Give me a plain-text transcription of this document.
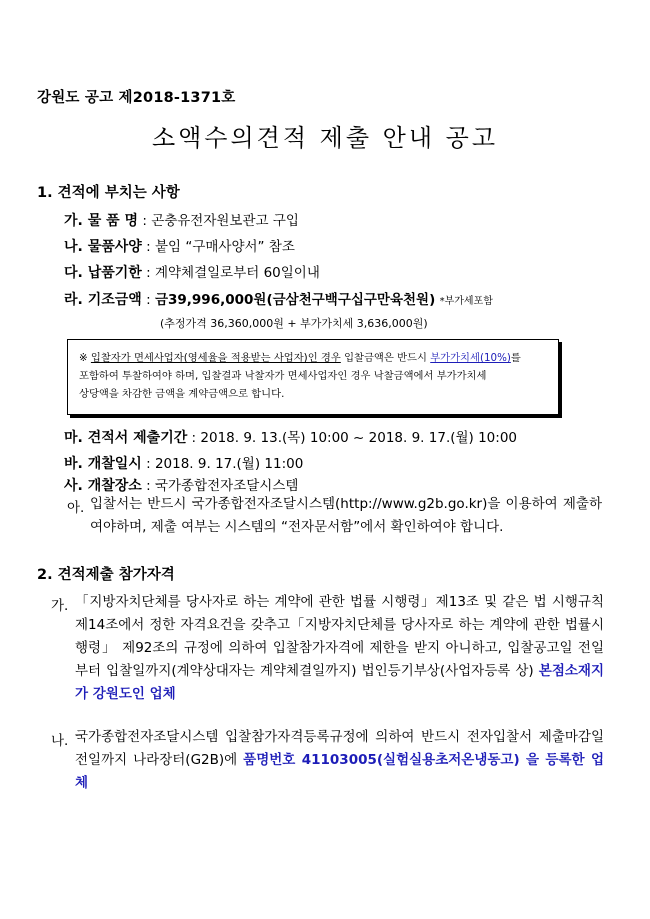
강원도 공고 제2018-1371호
소액수의견적 제출 안내 공고
1. 견적에 부치는 사항
가. 물 품 명 : 곤충유전자원보관고 구입
나. 물품사양 : 붙임 “구매사양서” 참조
다. 납품기한 : 계약체결일로부터 60일이내
라. 기조금액 : 금39,996,000원(금삼천구백구십구만육천원) *부가세포함
(추정가격 36,360,000원 + 부가가치세 3,636,000원)
※ 입찰자가 면세사업자(영세율을 적용받는 사업자)인 경우 입찰금액은 반드시 부가가치세(10%)를
포함하여 투찰하여야 하며, 입찰결과 낙찰자가 면세사업자인 경우 낙찰금액에서 부가가치세
상당액을 차감한 금액을 계약금액으로 합니다.
마. 견적서 제출기간 : 2018. 9. 13.(목) 10:00 ~ 2018. 9. 17.(월) 10:00
바. 개찰일시 : 2018. 9. 17.(월) 11:00
사. 개찰장소 : 국가종합전자조달시스템
아. 입찰서는 반드시 국가종합전자조달시스템(http://www.g2b.go.kr)을 이용하여 제출하여야하며, 제출 여부는 시스템의 “전자문서함”에서 확인하여야 합니다.
2. 견적제출 참가자격
가. 「지방자치단체를 당사자로 하는 계약에 관한 법률 시행령」제13조 및 같은 법 시행규칙 제14조에서 정한 자격요건을 갖추고「지방자치단체를 당사자로 하는 계약에 관한 법률시행령」 제92조의 규정에 의하여 입찰참가자격에 제한을 받지 아니하고, 입찰공고일 전일부터 입찰일까지(계약상대자는 계약체결일까지) 법인등기부상(사업자등록 상) 본점소재지가 강원도인 업체
나. 국가종합전자조달시스템 입찰참가자격등록규정에 의하여 반드시 전자입찰서 제출마감일 전일까지 나라장터(G2B)에 품명번호 41103005(실험실용초저온냉동고) 을 등록한 업체
